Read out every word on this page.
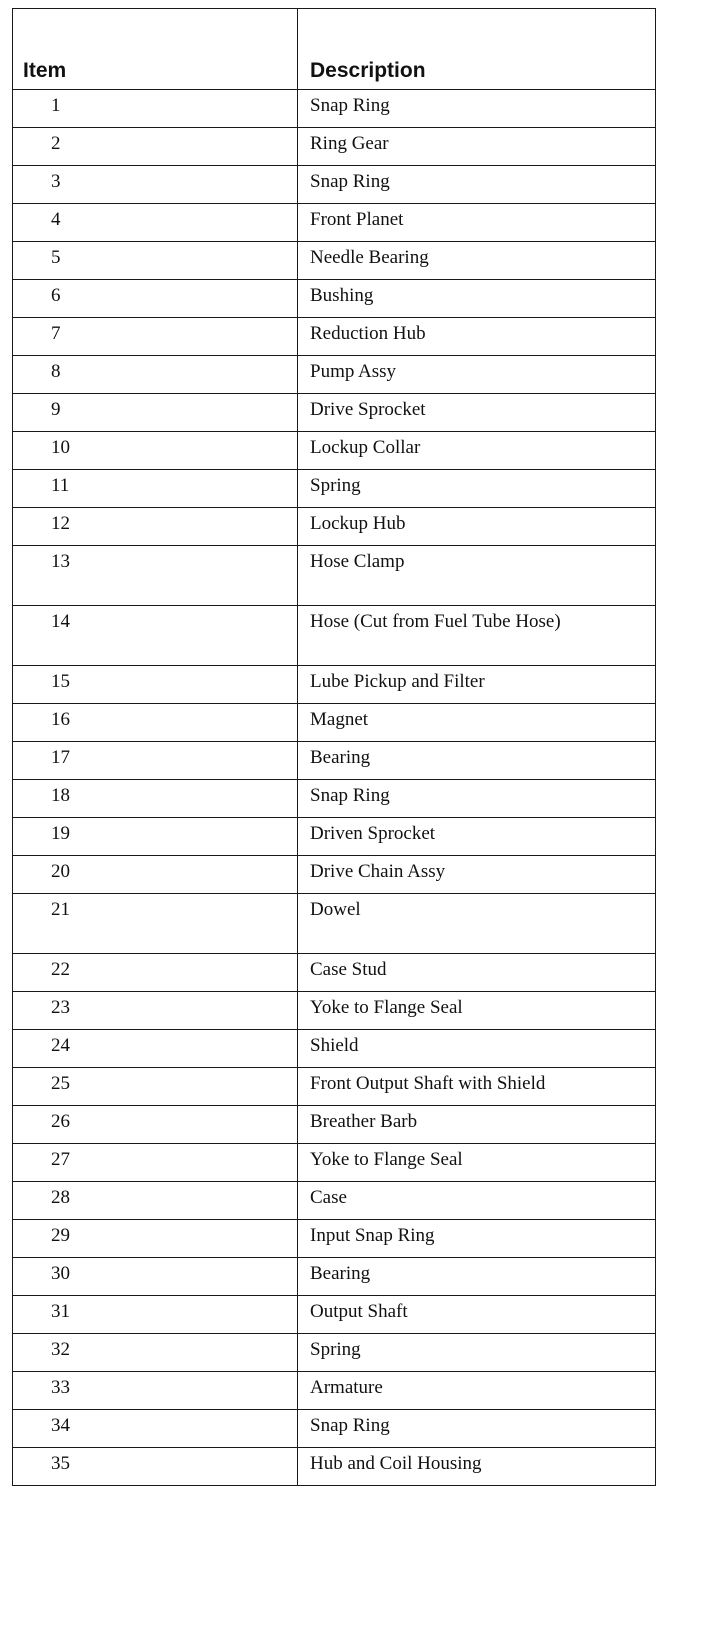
Item	Description
1	Snap Ring
2	Ring Gear
3	Snap Ring
4	Front Planet
5	Needle Bearing
6	Bushing
7	Reduction Hub
8	Pump Assy
9	Drive Sprocket
10	Lockup Collar
11	Spring
12	Lockup Hub
13	Hose Clamp
14	Hose (Cut from Fuel Tube Hose)
15	Lube Pickup and Filter
16	Magnet
17	Bearing
18	Snap Ring
19	Driven Sprocket
20	Drive Chain Assy
21	Dowel
22	Case Stud
23	Yoke to Flange Seal
24	Shield
25	Front Output Shaft with Shield
26	Breather Barb
27	Yoke to Flange Seal
28	Case
29	Input Snap Ring
30	Bearing
31	Output Shaft
32	Spring
33	Armature
34	Snap Ring
35	Hub and Coil Housing
